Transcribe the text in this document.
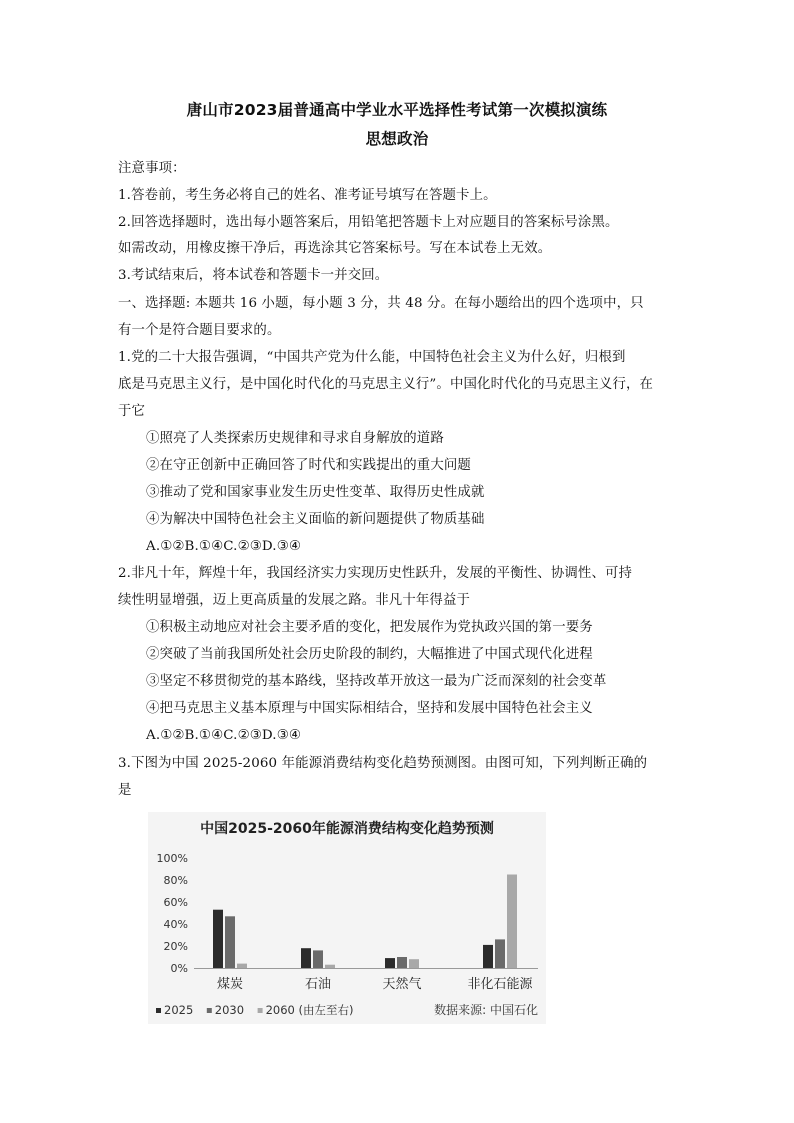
唐山市2023届普通高中学业水平选择性考试第一次模拟演练
思想政治
注意事项：
1.答卷前，考生务必将自己的姓名、准考证号填写在答题卡上。
2.回答选择题时，选出每小题答案后，用铅笔把答题卡上对应题目的答案标号涂黑。
如需改动，用橡皮擦干净后，再选涂其它答案标号。写在本试卷上无效。
3.考试结束后，将本试卷和答题卡一并交回。
一、选择题: 本题共 16 小题，每小题 3 分，共 48 分。在每小题给出的四个选项中，只
有一个是符合题目要求的。
1.党的二十大报告强调，“中国共产党为什么能，中国特色社会主义为什么好，归根到
底是马克思主义行，是中国化时代化的马克思主义行”。中国化时代化的马克思主义行，在
于它
①照亮了人类探索历史规律和寻求自身解放的道路
②在守正创新中正确回答了时代和实践提出的重大问题
③推动了党和国家事业发生历史性变革、取得历史性成就
④为解决中国特色社会主义面临的新问题提供了物质基础
A.①②B.①④C.②③D.③④
2.非凡十年，辉煌十年，我国经济实力实现历史性跃升，发展的平衡性、协调性、可持
续性明显增强，迈上更高质量的发展之路。非凡十年得益于
①积极主动地应对社会主要矛盾的变化，把发展作为党执政兴国的第一要务
②突破了当前我国所处社会历史阶段的制约，大幅推进了中国式现代化进程
③坚定不移贯彻党的基本路线，坚持改革开放这一最为广泛而深刻的社会变革
④把马克思主义基本原理与中国实际相结合，坚持和发展中国特色社会主义
A.①②B.①④C.②③D.③④
3.下图为中国 2025-2060 年能源消费结构变化趋势预测图。由图可知，下列判断正确的
是
中国2025-2060年能源消费结构变化趋势预测
0%
20%
40%
60%
80%
100%
煤炭	石油	天然气	非化石能源
2025 2030 2060 (由左至右)	数据来源: 中国石化
